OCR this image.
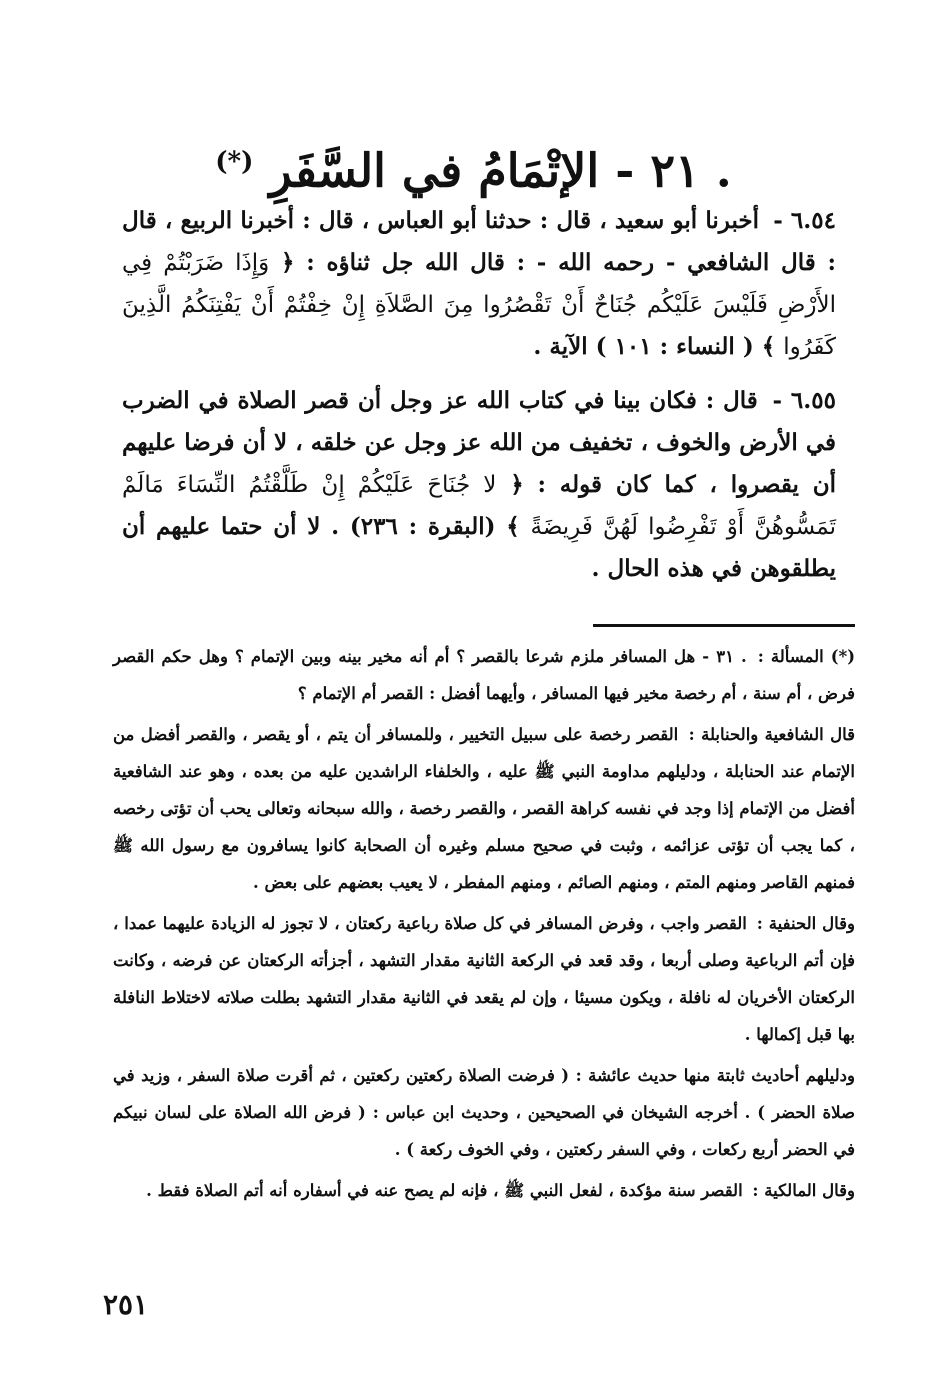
. ٢١ - الإتْمَامُ في السَّفَرِ (*)

٦.٥٤ - أخبرنا أبو سعيد ، قال : حدثنا أبو العباس ، قال : أخبرنا الربيع ، قال : قال الشافعي - رحمه الله - : قال الله جل ثناؤه : ﴿ وَإِذَا ضَرَبْتُمْ فِي الأَرْضِ فَلَيْسَ عَلَيْكُم جُنَاحٌ أَنْ تَقْصُرُوا مِنَ الصَّلاَةِ إِنْ خِفْتُمْ أَنْ يَفْتِنَكُمُ الَّذِينَ كَفَرُوا ﴾ ( النساء : ١٠١ ) الآية .

٦.٥٥ - قال : فكان بينا في كتاب الله عز وجل أن قصر الصلاة في الضرب في الأرض والخوف ، تخفيف من الله عز وجل عن خلقه ، لا أن فرضا عليهم أن يقصروا ، كما كان قوله : ﴿ لا جُنَاحَ عَلَيْكُمْ إِنْ طَلَّقْتُمُ النِّسَاءَ مَالَمْ تَمَسُّوهُنَّ أَوْ تَفْرِضُوا لَهُنَّ فَرِيضَةً ﴾ (البقرة : ٢٣٦) . لا أن حتما عليهم أن يطلقوهن في هذه الحال .

(*) المسألة : . ٣١ - هل المسافر ملزم شرعا بالقصر ؟ أم أنه مخير بينه وبين الإتمام ؟ وهل حكم القصر فرض ، أم سنة ، أم رخصة مخير فيها المسافر ، وأيهما أفضل : القصر أم الإتمام ؟

قال الشافعية والحنابلة : القصر رخصة على سبيل التخيير ، وللمسافر أن يتم ، أو يقصر ، والقصر أفضل من الإتمام عند الحنابلة ، ودليلهم مداومة النبي ﷺ عليه ، والخلفاء الراشدين عليه من بعده ، وهو عند الشافعية أفضل من الإتمام إذا وجد في نفسه كراهة القصر ، والقصر رخصة ، والله سبحانه وتعالى يحب أن تؤتى رخصه ، كما يجب أن تؤتى عزائمه ، وثبت في صحيح مسلم وغيره أن الصحابة كانوا يسافرون مع رسول الله ﷺ فمنهم القاصر ومنهم المتم ، ومنهم الصائم ، ومنهم المفطر ، لا يعيب بعضهم على بعض .

وقال الحنفية : القصر واجب ، وفرض المسافر في كل صلاة رباعية ركعتان ، لا تجوز له الزيادة عليهما عمدا ، فإن أتم الرباعية وصلى أربعا ، وقد قعد في الركعة الثانية مقدار التشهد ، أجزأته الركعتان عن فرضه ، وكانت الركعتان الأخريان له نافلة ، ويكون مسيئا ، وإن لم يقعد في الثانية مقدار التشهد بطلت صلاته لاختلاط النافلة بها قبل إكمالها .

ودليلهم أحاديث ثابتة منها حديث عائشة : ( فرضت الصلاة ركعتين ركعتين ، ثم أقرت صلاة السفر ، وزيد في صلاة الحضر ) . أخرجه الشيخان في الصحيحين ، وحديث ابن عباس : ( فرض الله الصلاة على لسان نبيكم في الحضر أربع ركعات ، وفي السفر ركعتين ، وفي الخوف ركعة ) .

وقال المالكية : القصر سنة مؤكدة ، لفعل النبي ﷺ ، فإنه لم يصح عنه في أسفاره أنه أتم الصلاة فقط .

٢٥١
